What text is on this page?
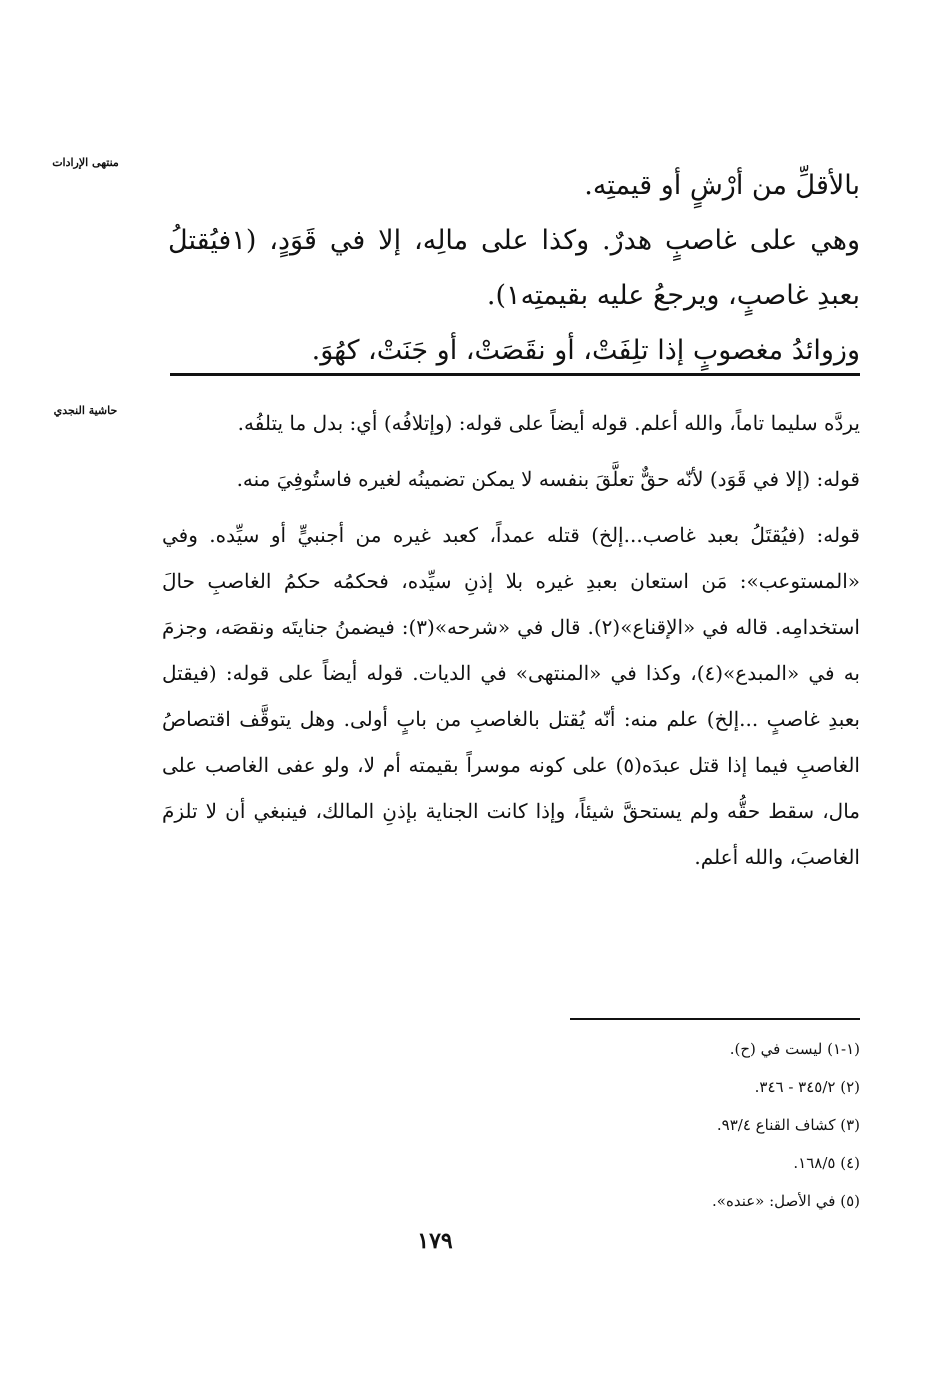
منتهى الإرادات
حاشية النجدي

بالأقلِّ من أرْشٍ أو قيمتِه.

وهي على غاصبٍ هدرٌ. وكذا على مالِه، إلا في قَوَدٍ، (١فيُقتلُ بعبدِ غاصبٍ، ويرجعُ عليه بقيمتِه١).

وزوائدُ مغصوبٍ إذا تلِفَتْ، أو نقَصَتْ، أو جَنَتْ، كهُوَ.

يردَّه سليما تاماً، والله أعلم. قوله أيضاً على قوله: (وإتلافُه) أي: بدل ما يتلفُه.

قوله: (إلا في قَوَد) لأنّه حقٌّ تعلَّقَ بنفسه لا يمكن تضمينُه لغيره فاستُوفِيَ منه.

قوله: (فيُقتَلُ بعبد غاصب...إلخ) قتله عمداً، كعبد غيره من أجنبيٍّ أو سيِّده. وفي «المستوعب»: مَن استعان بعبدِ غيره بلا إذنِ سيِّده، فحكمُه حكمُ الغاصبِ حالَ استخدامِه. قاله في «الإقناع»(٢). قال في «شرحه»(٣): فيضمنُ جنايتَه ونقصَه، وجزمَ به في «المبدع»(٤)، وكذا في «المنتهى» في الديات. قوله أيضاً على قوله: (فيقتل بعبدِ غاصبٍ ...إلخ) علم منه: أنّه يُقتل بالغاصبِ من بابٍ أولى. وهل يتوقَّف اقتصاصُ الغاصبِ فيما إذا قتل عبدَه(٥) على كونه موسراً بقيمته أم لا، ولو عفى الغاصب على مال، سقط حقُّه ولم يستحقَّ شيئاً، وإذا كانت الجناية بإذنِ المالك، فينبغي أن لا تلزمَ الغاصبَ، والله أعلم.

(١-١) ليست في (ح).
(٢) ٣٤٥/٢ - ٣٤٦.
(٣) كشاف القناع ٩٣/٤.
(٤) ١٦٨/٥.
(٥) في الأصل: «عنده».
١٧٩
